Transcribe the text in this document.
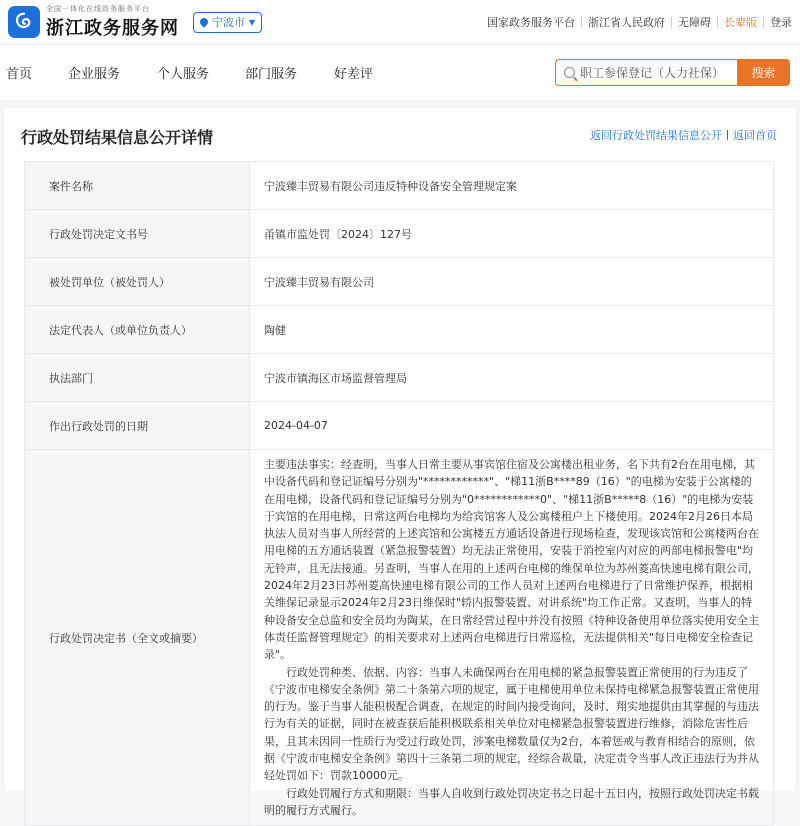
全国一体化在线政务服务平台
浙江政务服务网	宁波市 ▼	国家政务服务平台 浙江省人民政府 无障碍 长辈版 登录
首页	企业服务	个人服务	部门服务	好差评
职工参保登记（人力社保）	搜索
行政处罚结果信息公开详情	返回行政处罚结果信息公开 返回首页
案件名称	宁波臻丰贸易有限公司违反特种设备安全管理规定案
行政处罚决定文书号	甬镇市监处罚〔2024〕127号
被处罚单位（被处罚人）	宁波臻丰贸易有限公司
法定代表人（或单位负责人）	陶健
执法部门	宁波市镇海区市场监督管理局
作出行政处罚的日期	2024-04-07
行政处罚决定书（全文或摘要）	主要违法事实：经查明，当事人日常主要从事宾馆住宿及公寓楼出租业务，名下共有2台在用电梯，其中设备代码和登记证编号分别为"************"、"梯11浙B****89（16）"的电梯为安装于公寓楼的在用电梯，设备代码和登记证编号分别为"0************0"、"梯11浙B*****8（16）"的电梯为安装于宾馆的在用电梯，日常这两台电梯均为给宾馆客人及公寓楼租户上下楼使用。2024年2月26日本局执法人员对当事人所经营的上述宾馆和公寓楼五方通话设备进行现场检查，发现该宾馆和公寓楼两台在用电梯的五方通话装置（紧急报警装置）均无法正常使用，安装于消控室内对应的两部电梯报警电"均无铃声，且无法接通。另查明，当事人在用的上述两台电梯的维保单位为苏州菱高快速电梯有限公司，2024年2月23日苏州菱高快速电梯有限公司的工作人员对上述两台电梯进行了日常维护保养，根据相关维保记录显示2024年2月23日维保时"轿内报警装置、对讲系统"均工作正常。又查明，当事人的特种设备安全总监和安全员均为陶某，在日常经营过程中并没有按照《特种设备使用单位落实使用安全主体责任监督管理规定》的相关要求对上述两台电梯进行日常巡检，无法提供相关"每日电梯安全检查记录"。

行政处罚种类、依据、内容：当事人未确保两台在用电梯的紧急报警装置正常使用的行为违反了《宁波市电梯安全条例》第二十条第六项的规定，属于电梯使用单位未保持电梯紧急报警装置正常使用的行为。鉴于当事人能积极配合调查，在规定的时间内接受询问，及时、翔实地提供由其掌握的与违法行为有关的证据，同时在被查获后能积极联系相关单位对电梯紧急报警装置进行维修，消除危害性后果，且其未因同一性质行为受过行政处罚，涉案电梯数量仅为2台，本着惩戒与教育相结合的原则，依据《宁波市电梯安全条例》第四十三条第二项的规定，经综合裁量，决定责令当事人改正违法行为并从轻处罚如下：罚款10000元。

行政处罚履行方式和期限：当事人自收到行政处罚决定书之日起十五日内，按照行政处罚决定书载明的履行方式履行。
